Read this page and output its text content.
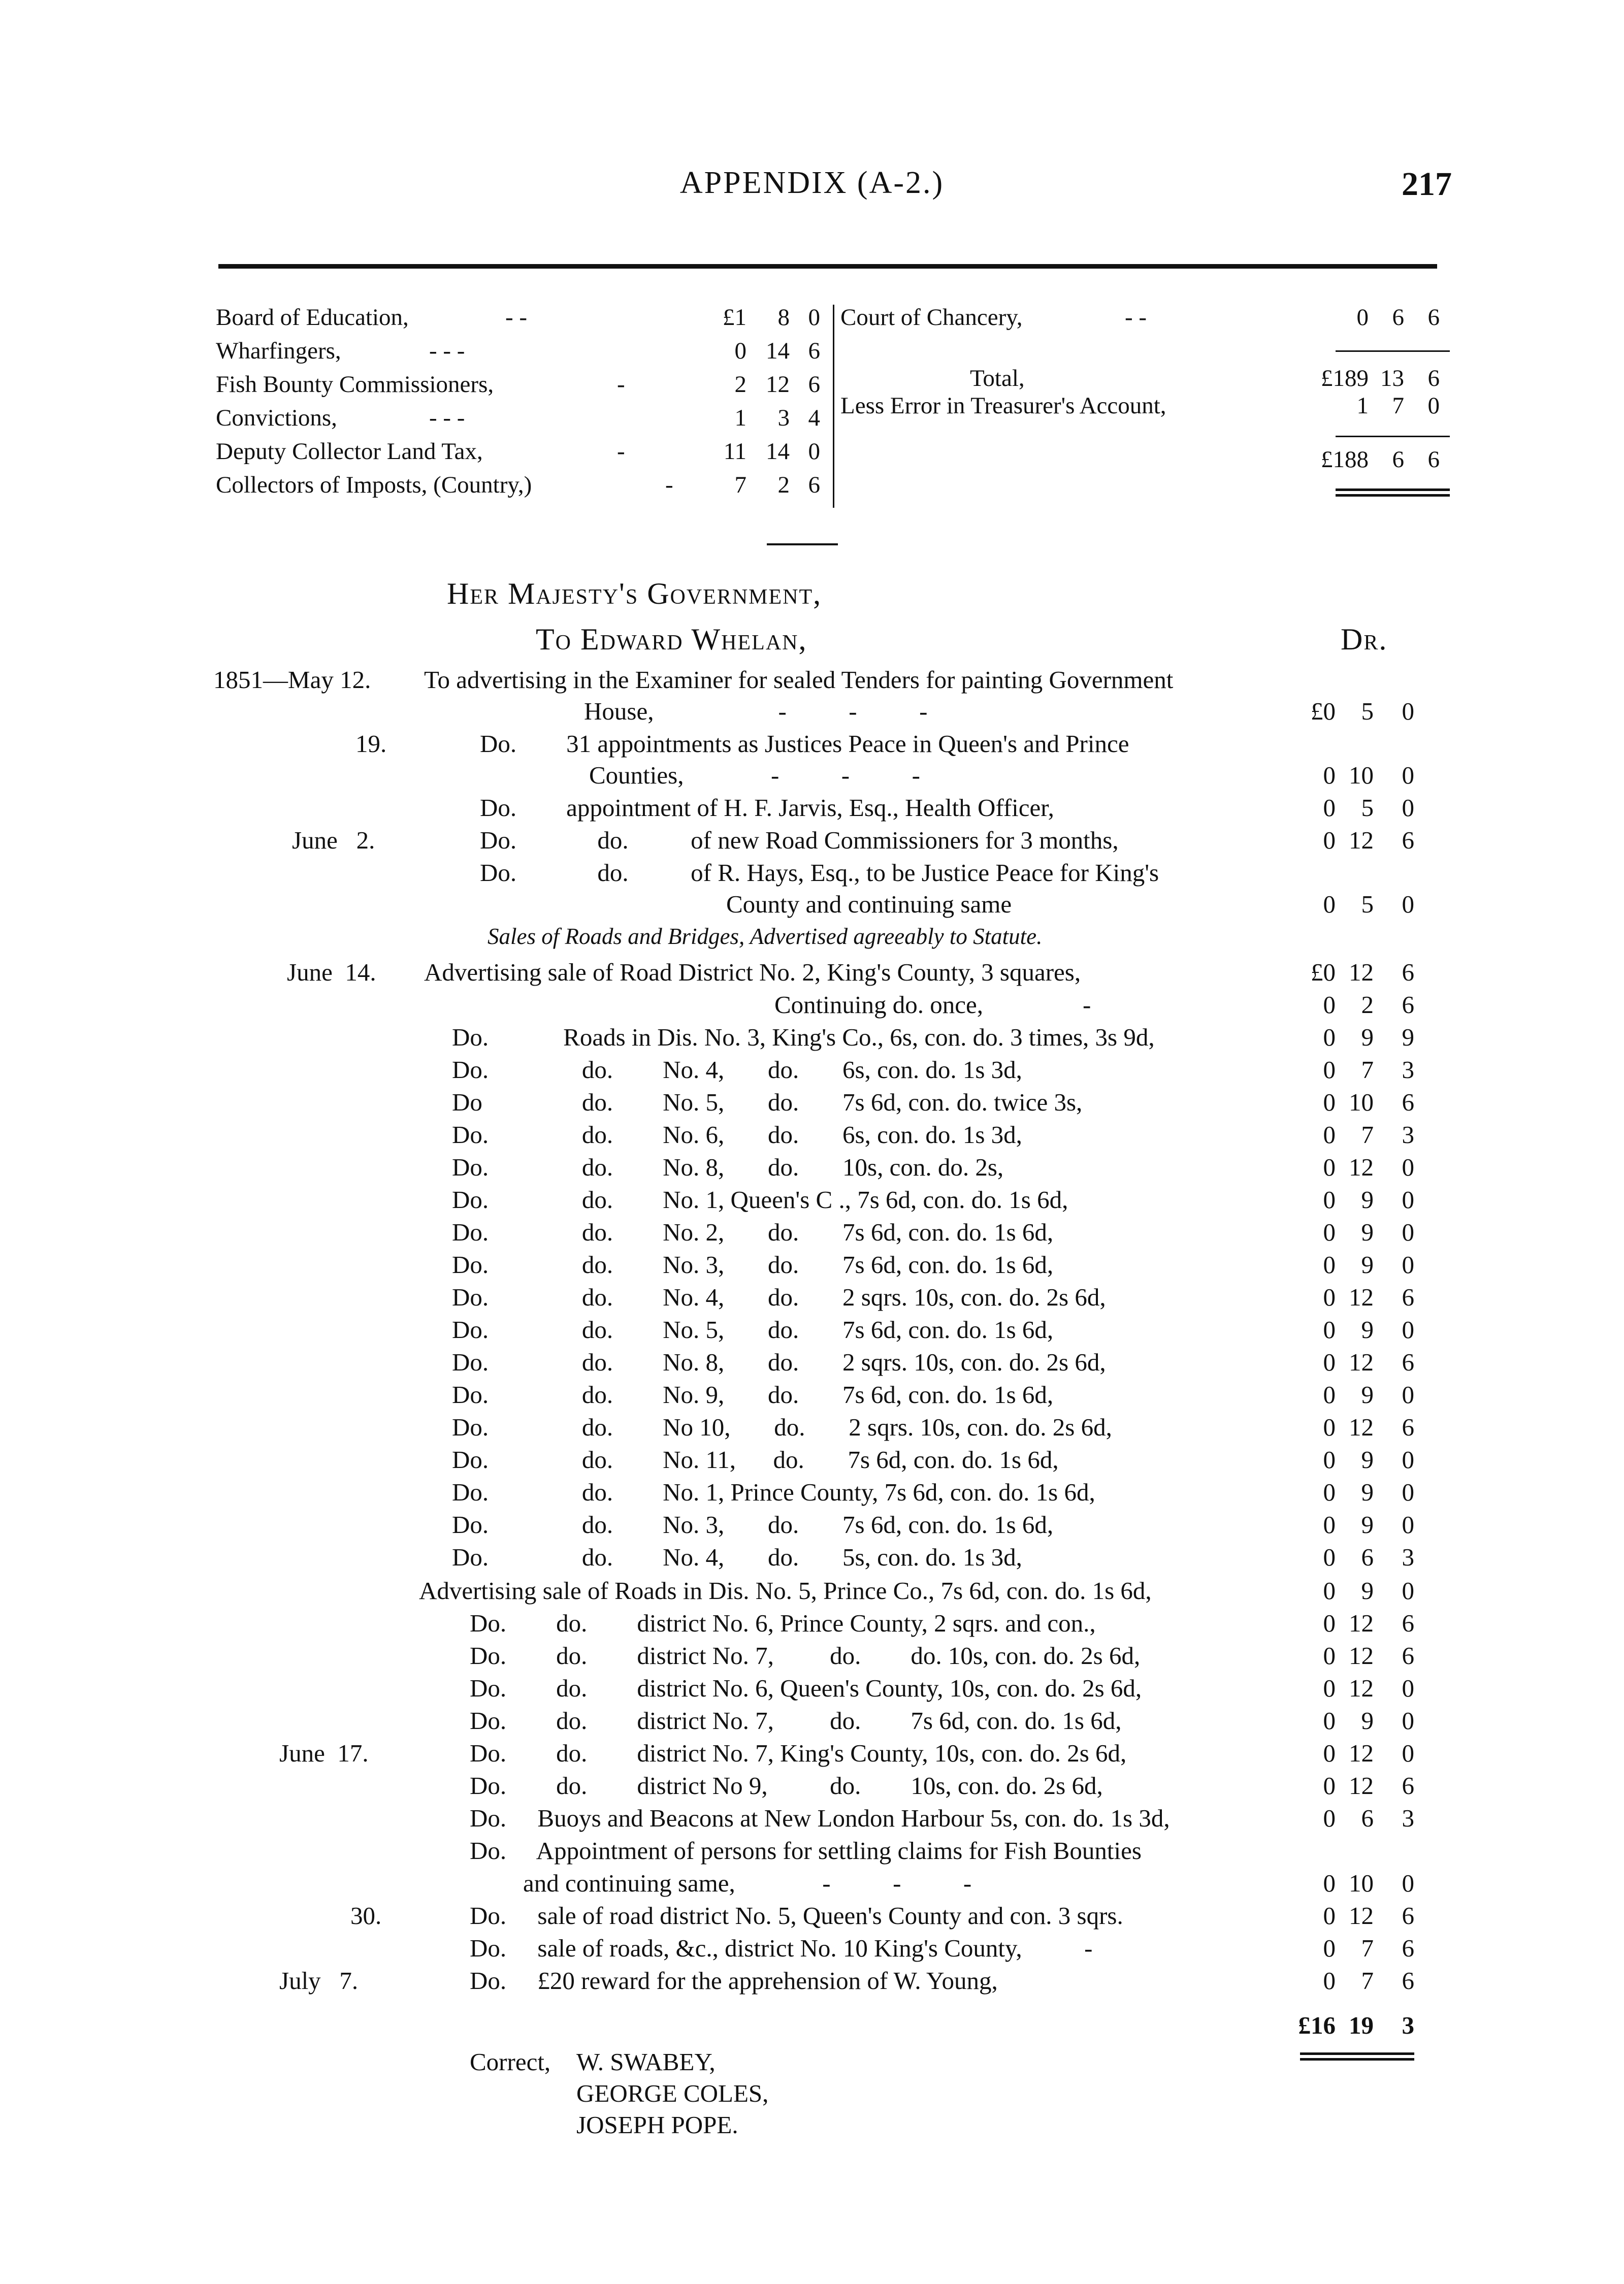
APPENDIX (A-2.)	217
Board of Education,	- -	£1	8 0
Wharfingers,	- - -	0 14 6
Fish Bounty Commissioners,	-	2 12 6
Convictions,	- - -	1	3 4
Deputy Collector Land Tax,	-	11 14 0
Collectors of Imposts, (Country,)	-	7	2 6
Court of Chancery,	- -	0 6 6
Total,	£189 13 6
Less Error in Treasurer's Account,	1 7 0
£188 6 6
Her Majesty's Government,
To Edward Whelan,	Dr.
1851—May 12. To advertising in the Examiner for sealed Tenders for painting Government
House,                    -          -          -	£0	5	0
19.	Do.        31 appointments as Justices Peace in Queen's and Prince
Counties,              -          -          -	0 10	0
Do.        appointment of H. F. Jarvis, Esq., Health Officer,	0	5	0
June   2.	Do.             do.          of new Road Commissioners for 3 months,	0 12	6
Do.             do.          of R. Hays, Esq., to be Justice Peace for King's
County and continuing same	0	5	0
Sales of Roads and Bridges, Advertised agreeably to Statute.
June  14. Advertising sale of Road District No. 2, King's County, 3 squares,	£0 12	6
Continuing do. once,                -	0	2	6
Do.            Roads in Dis. No. 3, King's Co., 6s, con. do. 3 times, 3s 9d,	0	9	9
Do.               do.        No. 4,       do.       6s, con. do. 1s 3d,	0	7	3
Do                do.        No. 5,       do.       7s 6d, con. do. twice 3s,	0 10	6
Do.               do.        No. 6,       do.       6s, con. do. 1s 3d,	0	7	3
Do.               do.        No. 8,       do.       10s, con. do. 2s,	0 12	0
Do.               do.        No. 1, Queen's C ., 7s 6d, con. do. 1s 6d,	0	9	0
Do.               do.        No. 2,       do.       7s 6d, con. do. 1s 6d,	0	9	0
Do.               do.        No. 3,       do.       7s 6d, con. do. 1s 6d,	0	9	0
Do.               do.        No. 4,       do.       2 sqrs. 10s, con. do. 2s 6d,	0 12	6
Do.               do.        No. 5,       do.       7s 6d, con. do. 1s 6d,	0	9	0
Do.               do.        No. 8,       do.       2 sqrs. 10s, con. do. 2s 6d,	0 12	6
Do.               do.        No. 9,       do.       7s 6d, con. do. 1s 6d,	0	9	0
Do.               do.        No 10,       do.       2 sqrs. 10s, con. do. 2s 6d,	0 12	6
Do.               do.        No. 11,      do.       7s 6d, con. do. 1s 6d,	0	9	0
Do.               do.        No. 1, Prince County, 7s 6d, con. do. 1s 6d,	0	9	0
Do.               do.        No. 3,       do.       7s 6d, con. do. 1s 6d,	0	9	0
Do.               do.        No. 4,       do.       5s, con. do. 1s 3d,	0	6	3
Advertising sale of Roads in Dis. No. 5, Prince Co., 7s 6d, con. do. 1s 6d,	0	9	0
Do.        do.        district No. 6, Prince County, 2 sqrs. and con.,	0 12	6
Do.        do.        district No. 7,         do.        do. 10s, con. do. 2s 6d,	0 12	6
Do.        do.        district No. 6, Queen's County, 10s, con. do. 2s 6d,	0 12	0
Do.        do.        district No. 7,         do.        7s 6d, con. do. 1s 6d,	0	9	0
June  17.	Do.        do.        district No. 7, King's County, 10s, con. do. 2s 6d,	0 12	0
Do.        do.        district No 9,          do.        10s, con. do. 2s 6d,	0 12	6
Do.     Buoys and Beacons at New London Harbour 5s, con. do. 1s 3d,	0	6	3
Do.     Appointment of persons for settling claims for Fish Bounties
and continuing same,              -          -          -	0 10	0
30.	Do.     sale of road district No. 5, Queen's County and con. 3 sqrs.	0 12	6
Do.     sale of roads, &c., district No. 10 King's County,          -	0	7	6
July   7.	Do.     £20 reward for the apprehension of W. Young,	0	7	6
£16 19	3
Correct, W. SWABEY,
GEORGE COLES,
JOSEPH POPE.
